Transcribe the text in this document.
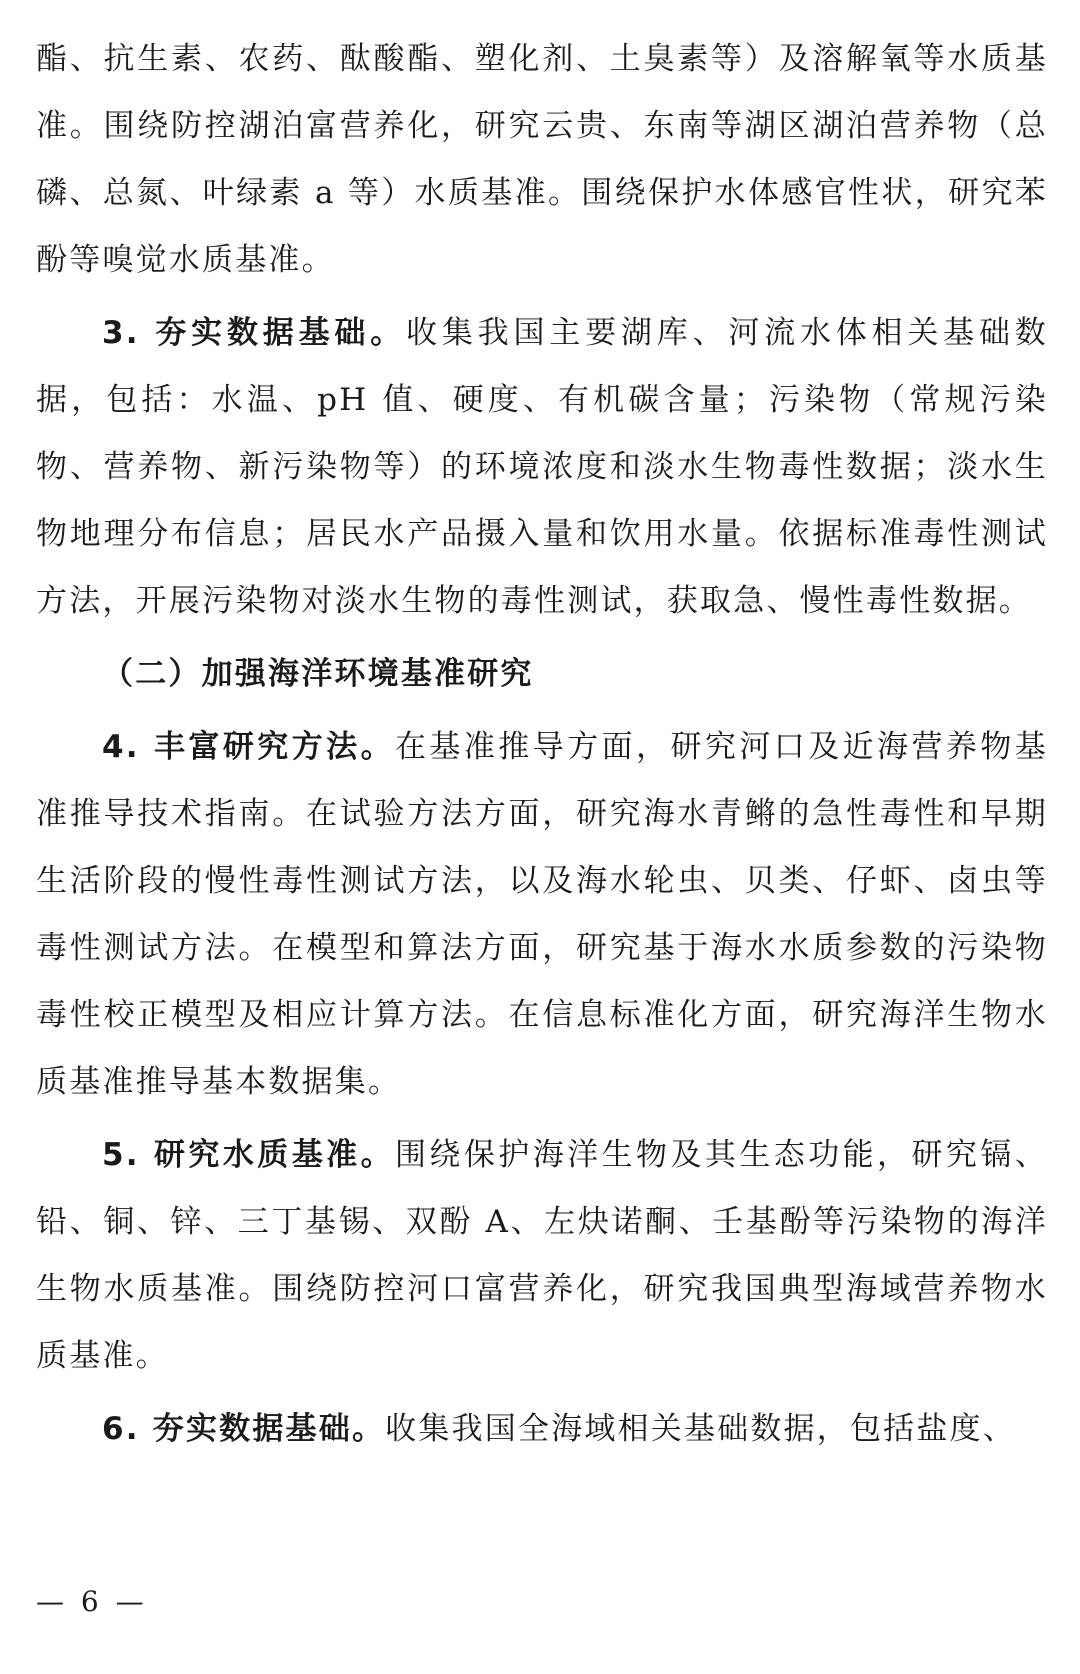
酯、抗生素、农药、酞酸酯、塑化剂、土臭素等）及溶解氧等水质基准。围绕防控湖泊富营养化，研究云贵、东南等湖区湖泊营养物（总磷、总氮、叶绿素 a 等）水质基准。围绕保护水体感官性状，研究苯酚等嗅觉水质基准。

3. 夯实数据基础。收集我国主要湖库、河流水体相关基础数据，包括：水温、pH 值、硬度、有机碳含量；污染物（常规污染物、营养物、新污染物等）的环境浓度和淡水生物毒性数据；淡水生物地理分布信息；居民水产品摄入量和饮用水量。依据标准毒性测试方法，开展污染物对淡水生物的毒性测试，获取急、慢性毒性数据。

（二）加强海洋环境基准研究

4. 丰富研究方法。在基准推导方面，研究河口及近海营养物基准推导技术指南。在试验方法方面，研究海水青鳉的急性毒性和早期生活阶段的慢性毒性测试方法，以及海水轮虫、贝类、仔虾、卤虫等毒性测试方法。在模型和算法方面，研究基于海水水质参数的污染物毒性校正模型及相应计算方法。在信息标准化方面，研究海洋生物水质基准推导基本数据集。

5. 研究水质基准。围绕保护海洋生物及其生态功能，研究镉、铅、铜、锌、三丁基锡、双酚 A、左炔诺酮、壬基酚等污染物的海洋生物水质基准。围绕防控河口富营养化，研究我国典型海域营养物水质基准。

6. 夯实数据基础。收集我国全海域相关基础数据，包括盐度、

— 6 —
